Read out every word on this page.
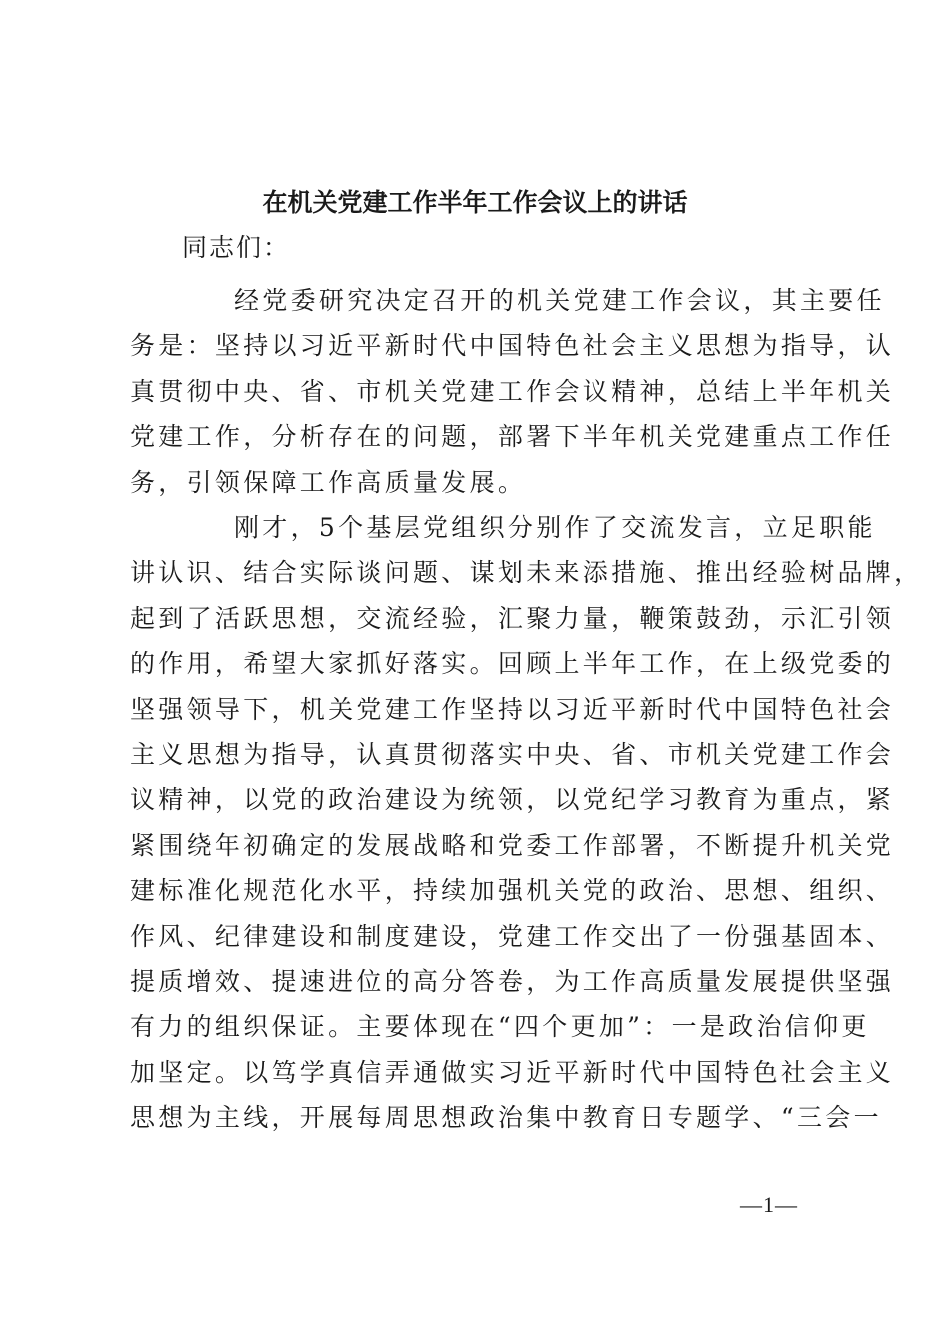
在机关党建工作半年工作会议上的讲话
同志们：
经党委研究决定召开的机关党建工作会议，其主要任
务是：坚持以习近平新时代中国特色社会主义思想为指导，认
真贯彻中央、省、市机关党建工作会议精神，总结上半年机关
党建工作，分析存在的问题，部署下半年机关党建重点工作任
务，引领保障工作高质量发展。
刚才，5个基层党组织分别作了交流发言，立足职能
讲认识、结合实际谈问题、谋划未来添措施、推出经验树品牌，
起到了活跃思想，交流经验，汇聚力量，鞭策鼓劲，示汇引领
的作用，希望大家抓好落实。回顾上半年工作，在上级党委的
坚强领导下，机关党建工作坚持以习近平新时代中国特色社会
主义思想为指导，认真贯彻落实中央、省、市机关党建工作会
议精神，以党的政治建设为统领，以党纪学习教育为重点，紧
紧围绕年初确定的发展战略和党委工作部署，不断提升机关党
建标准化规范化水平，持续加强机关党的政治、思想、组织、
作风、纪律建设和制度建设，党建工作交出了一份强基固本、
提质增效、提速进位的高分答卷，为工作高质量发展提供坚强
有力的组织保证。主要体现在“四个更加”：一是政治信仰更
加坚定。以笃学真信弄通做实习近平新时代中国特色社会主义
思想为主线，开展每周思想政治集中教育日专题学、“三会一
—1—
